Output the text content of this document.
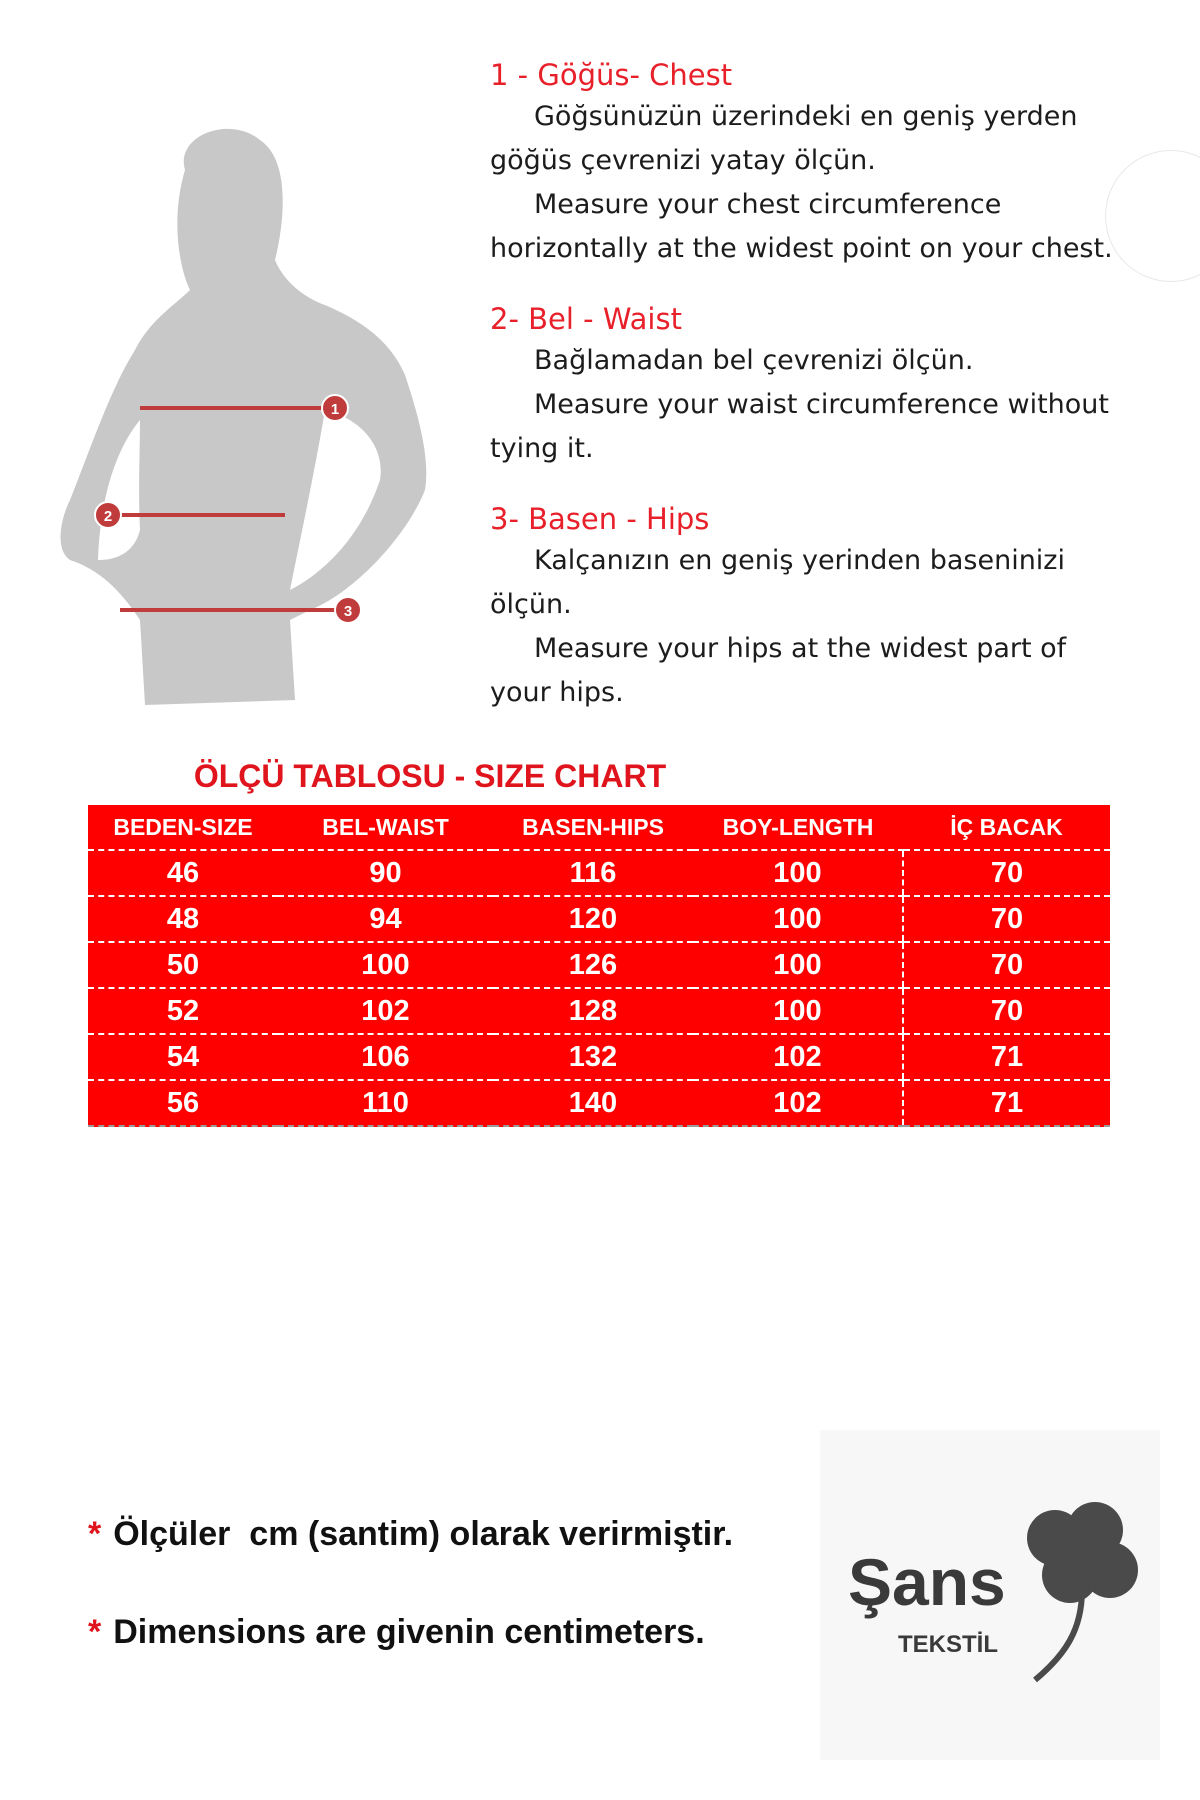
1
2
3
1 - Göğüs- Chest
Göğsünüzün üzerindeki en geniş yerden
göğüs çevrenizi yatay ölçün.
Measure your chest circumference
horizontally at the widest point on your chest.
2- Bel - Waist
Bağlamadan bel çevrenizi ölçün.
Measure your waist circumference without
tying it.
3- Basen - Hips
Kalçanızın en geniş yerinden baseninizi
ölçün.
Measure your hips at the widest part of
your hips.
ÖLÇÜ TABLOSU - SIZE CHART
BEDEN-SIZE	BEL-WAIST	BASEN-HIPS	BOY-LENGTH	İÇ BACAK
46	90	116	100	70
48	94	120	100	70
50	100	126	100	70
52	102	128	100	70
54	106	132	102	71
56	110	140	102	71
* Ölçüler  cm (santim) olarak verirmiştir.
* Dimensions are givenin centimeters.
Şans
TEKSTİL
